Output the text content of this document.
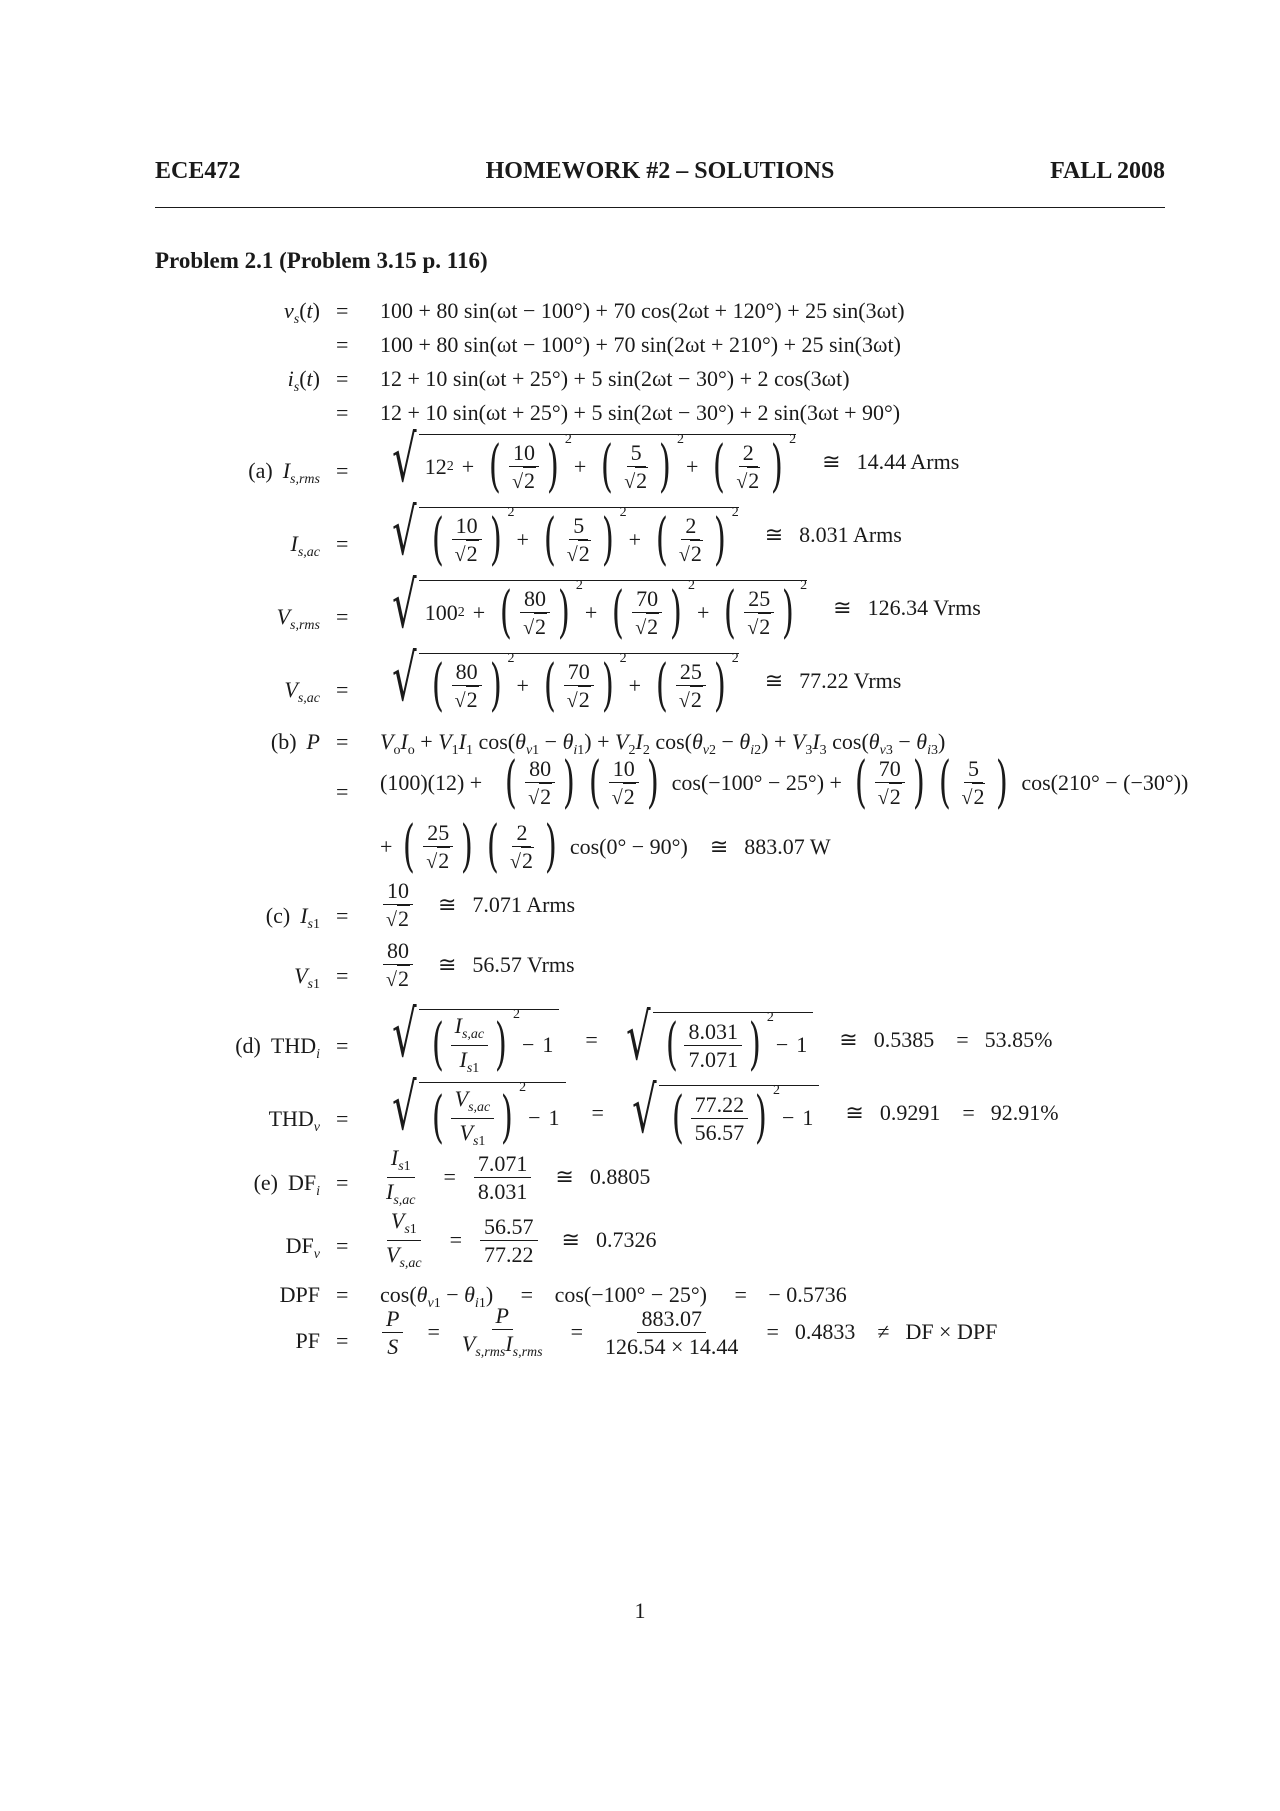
ECE472	HOMEWORK #2 – SOLUTIONS	FALL 2008
Problem 2.1 (Problem 3.15 p. 116)
$v_s(t) = 100 + 80$ sin(ωt − 100°) + 70 cos(2ωt + 120°) + 25 sin(3ωt)
= 100 + 80 sin(ωt − 100°) + 70 sin(2ωt + 210°) + 25 sin(3ωt)
$i_s(t) = 12 + 10$ sin(ωt + 25°) + 5 sin(2ωt − 30°) + 2 cos(3ωt)
= 12 + 10 sin(ωt + 25°) + 5 sin(2ωt − 30°) + 2 sin(3ωt + 90°)
(a) $I_{s,rms}$ = √ 12 2 + ( $\frac{10}{√2}$ ) 2
+ ( $\frac{5}{√2}$ ) 2
+ ( $\frac{2}{√2}$ ) 2
≅ 14.44 Arms
$I_{s,ac}$ = √ ( $\frac{10}{√2}$ ) 2
+ ( $\frac{5}{√2}$ ) 2
+ ( $\frac{2}{√2}$ ) 2
≅ 8.031 Arms
$V_{s,rms}$ = √ 100 2 + ( $\frac{80}{√2}$ ) 2
+ ( $\frac{70}{√2}$ ) 2
+ ( $\frac{25}{√2}$ ) 2
≅ 126.34 Vrms
$V_{s,ac}$ = √ ( $\frac{80}{√2}$ ) 2
+ ( $\frac{70}{√2}$ ) 2
+ ( $\frac{25}{√2}$ ) 2
≅ 77.22 Vrms
(b) $P = V_oI_o + V_1I_1$ $\cos(\theta_{v1} - \theta_{i1}) + V_2I_2$ $\cos(\theta_{v2} - \theta_{i2}) + V_3I_3$ $\cos(\theta_{v3} - \theta_{i3})$
= (100)(12) + ( $\frac{80}{√2}$ ) ( $\frac{10}{√2}$ ) cos(−100° − 25°) + ( $\frac{70}{√2}$ ) ( $\frac{5}{√2}$ ) cos(210° − (−30°))
+ ( $\frac{25}{√2}$ ) ( $\frac{2}{√2}$ ) cos(0° − 90°) ≅ 883.07 W
(c) $I_{s1} = \frac{10}{√2}$ ≅ 7.071 Arms
$V_{s1} = \frac{80}{√2}$ ≅ 56.57 Vrms
(d) $THD_i$ = √ ( $\frac{I_{s,ac}}{I_{s1}}$ ) 2
− 1 = √ ( $\frac{8.031}{7.071}$ ) 2
− 1 ≅ 0.5385 = 53.85%
$THD_v$ = √ ( $\frac{V_{s,ac}}{V_{s1}}$ ) 2
− 1 = √ ( $\frac{77.22}{56.57}$ ) 2
− 1 ≅ 0.9291 = 92.91%
(e) $DF_i = \frac{I_{s1}}{I_{s,ac}} = \frac{7.071}{8.031}$ ≅ 0.8805
$DF_v = \frac{V_{s1}}{V_{s,ac}} = \frac{56.57}{77.22}$ ≅ 0.7326
DPF = $\cos(\theta_{v1} - \theta_{i1}) = \cos(-100^\circ - 25^\circ)$ = − 0.5736
PF = $\frac{P}{S} = \frac{P}{V_{s,rms}I_{s,rms}} = \frac{883.07}{126.54 \times 14.44} = 0.4833$ ≠ DF × DPF
1
